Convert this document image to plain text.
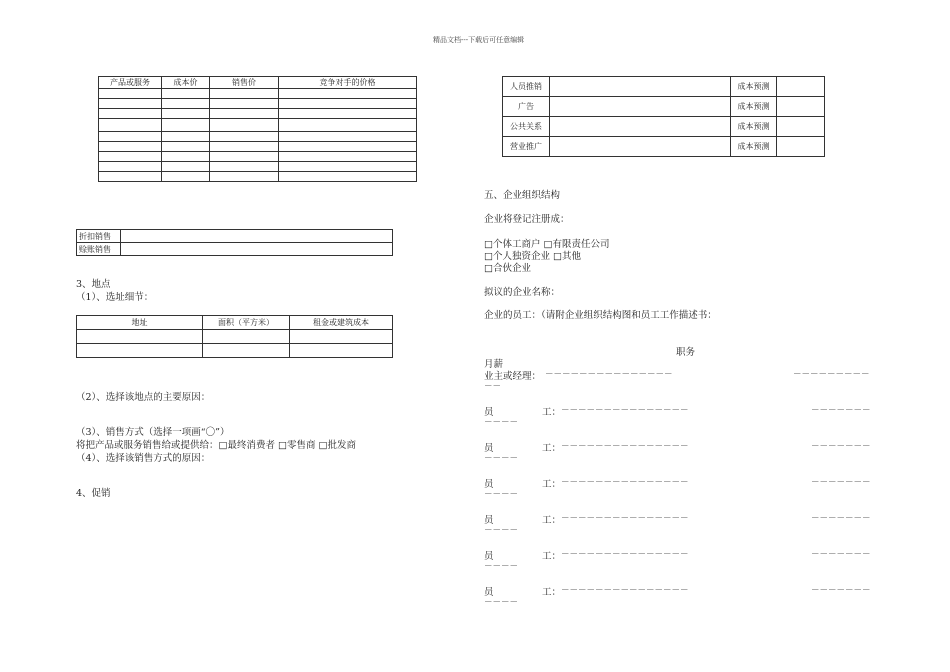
精品文档---下载后可任意编辑
产品或服务	成本价	销售价	竞争对手的价格

折扣销售	
赊账销售	
3、地点
（1）、选址细节：
地址	面积（平方米）	租金或建筑成本

（2）、选择该地点的主要原因：
（3）、销售方式（选择一项画“〇”）
将把产品或服务销售给或提供给：□最终消费者 □零售商 □批发商
（4）、选择该销售方式的原因：
4、促销
人员推销		成本预测	
广告		成本预测	
公共关系		成本预测	
营业推广		成本预测	
五、企业组织结构
企业将登记注册成：
□个体工商户 □有限责任公司
□个人独资企业 □其他
□合伙企业
拟议的企业名称：
企业的员工：（请附企业组织结构图和员工工作描述书：
职务
月薪
业主或经理： －－－－－－－－－－－－－－－	－－－－－－－－－
－－
员	工： －－－－－－－－－－－－－－－	－－－－－－－
－－－－
员	工： －－－－－－－－－－－－－－－	－－－－－－－
－－－－
员	工： －－－－－－－－－－－－－－－	－－－－－－－
－－－－
员	工： －－－－－－－－－－－－－－－	－－－－－－－
－－－－
员	工： －－－－－－－－－－－－－－－	－－－－－－－
－－－－
员	工： －－－－－－－－－－－－－－－	－－－－－－－
－－－－
